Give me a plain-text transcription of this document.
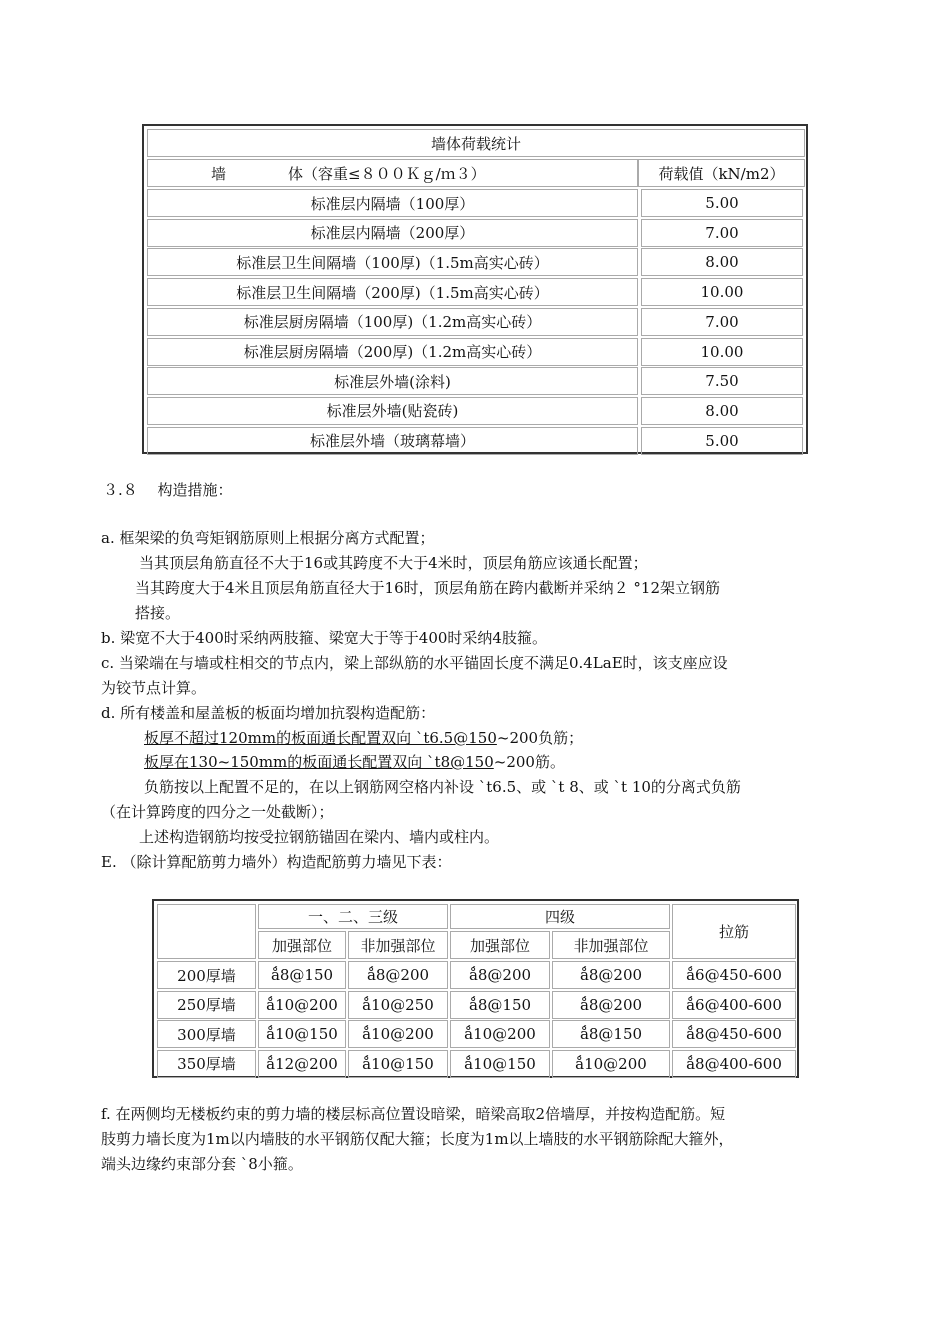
墙体荷载统计
墙	体（容重≤８００Ｋｇ/ｍ３）	荷载值（kN/m2）
标准层内隔墙（100厚）	5.00
标准层内隔墙（200厚）	7.00
标准层卫生间隔墙（100厚)（1.5m高实心砖）	8.00
标准层卫生间隔墙（200厚)（1.5m高实心砖）	10.00
标准层厨房隔墙（100厚)（1.2m高实心砖）	7.00
标准层厨房隔墙（200厚)（1.2m高实心砖）	10.00
标准层外墙(涂料)	7.50
标准层外墙(贴瓷砖)	8.00
标准层外墙（玻璃幕墙）	5.00
３.８　 构造措施：
a. 框架梁的负弯矩钢筋原则上根据分离方式配置；
当其顶层角筋直径不大于16或其跨度不大于4米时，顶层角筋应该通长配置；
当其跨度大于4米且顶层角筋直径大于16时，顶层角筋在跨内截断并采纳２ °12架立钢筋
搭接。
b. 梁宽不大于400时采纳两肢箍、梁宽大于等于400时采纳4肢箍。
c. 当梁端在与墙或柱相交的节点内，梁上部纵筋的水平锚固长度不满足0.4LaE时，该支座应设
为铰节点计算。
d. 所有楼盖和屋盖板的板面均增加抗裂构造配筋：
板厚不超过120mm的板面通长配置双向 `t6.5@150~200负筋；
板厚在130~150mm的板面通长配置双向 `t8@150~200筋。
负筋按以上配置不足的，在以上钢筋网空格内补设 `t6.5、或 `t 8、或 `t 10的分离式负筋
（在计算跨度的四分之一处截断）；
上述构造钢筋均按受拉钢筋锚固在梁内、墙内或柱内。
E. （除计算配筋剪力墙外）构造配筋剪力墙见下表：
一、二、三级	四级
拉筋
加强部位	非加强部位	加强部位	非加强部位
200厚墙	ǻ8@150	ǻ8@200	ǻ8@200	ǻ8@200	ǻ6@450-600
250厚墙	ǻ10@200	ǻ10@250	ǻ8@150	ǻ8@200	ǻ6@400-600
300厚墙	ǻ10@150	ǻ10@200	ǻ10@200	ǻ8@150	ǻ8@450-600
350厚墙	ǻ12@200	ǻ10@150	ǻ10@150	ǻ10@200	ǻ8@400-600
f. 在两侧均无楼板约束的剪力墙的楼层标高位置设暗梁，暗梁高取2倍墙厚，并按构造配筋。短
肢剪力墙长度为1m以内墙肢的水平钢筋仅配大箍；长度为1m以上墙肢的水平钢筋除配大箍外，
端头边缘约束部分套 `8小箍。
